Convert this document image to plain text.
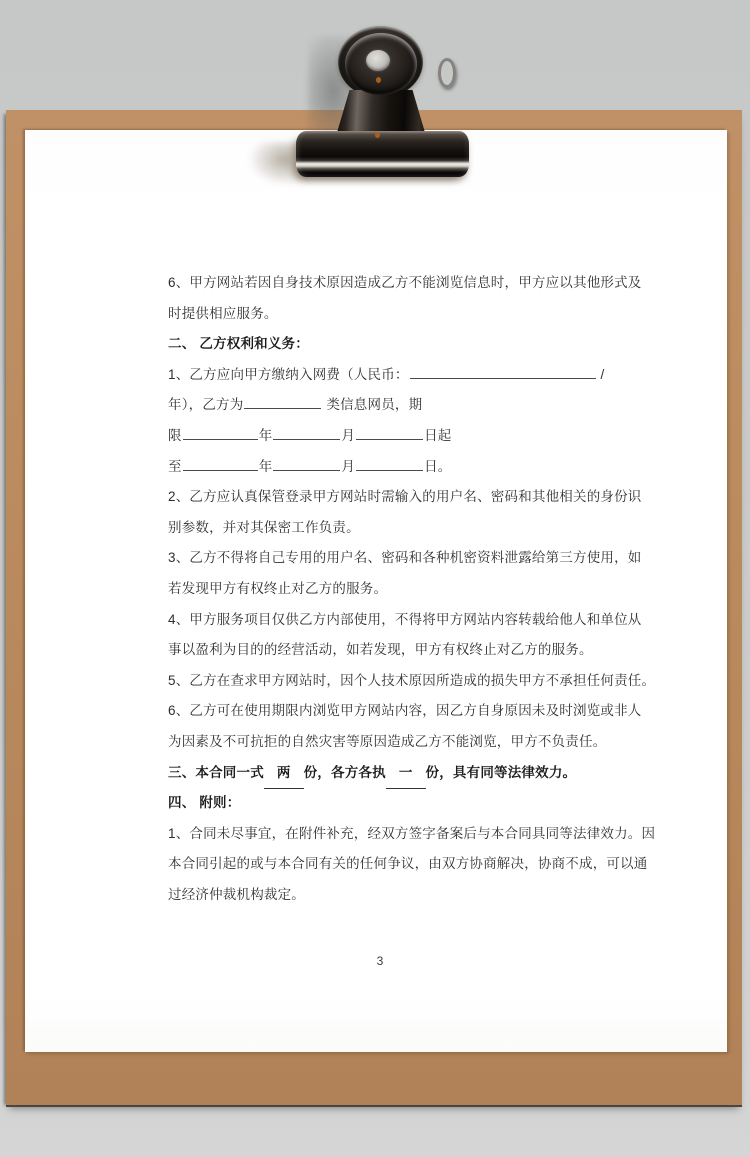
6、甲方网站若因自身技术原因造成乙方不能浏览信息时，甲方应以其他形式及
时提供相应服务。
二、 乙方权利和义务：
1、乙方应向甲方缴纳入网费（人民币：	/
年），乙方为	类信息网员，期
限	年	月	日起
至	年	月	日。
2、乙方应认真保管登录甲方网站时需输入的用户名、密码和其他相关的身份识
别参数，并对其保密工作负责。
3、乙方不得将自己专用的用户名、密码和各种机密资料泄露给第三方使用，如
若发现甲方有权终止对乙方的服务。
4、甲方服务项目仅供乙方内部使用，不得将甲方网站内容转载给他人和单位从
事以盈利为目的的经营活动，如若发现，甲方有权终止对乙方的服务。
5、乙方在查求甲方网站时，因个人技术原因所造成的损失甲方不承担任何责任。
6、乙方可在使用期限内浏览甲方网站内容，因乙方自身原因未及时浏览或非人
为因素及不可抗拒的自然灾害等原因造成乙方不能浏览，甲方不负责任。
三、本合同一式 两 份，各方各执 一 份，具有同等法律效力。
四、 附则：
1、合同未尽事宜，在附件补充，经双方签字备案后与本合同具同等法律效力。因
本合同引起的或与本合同有关的任何争议，由双方协商解决，协商不成，可以通
过经济仲裁机构裁定。
3
